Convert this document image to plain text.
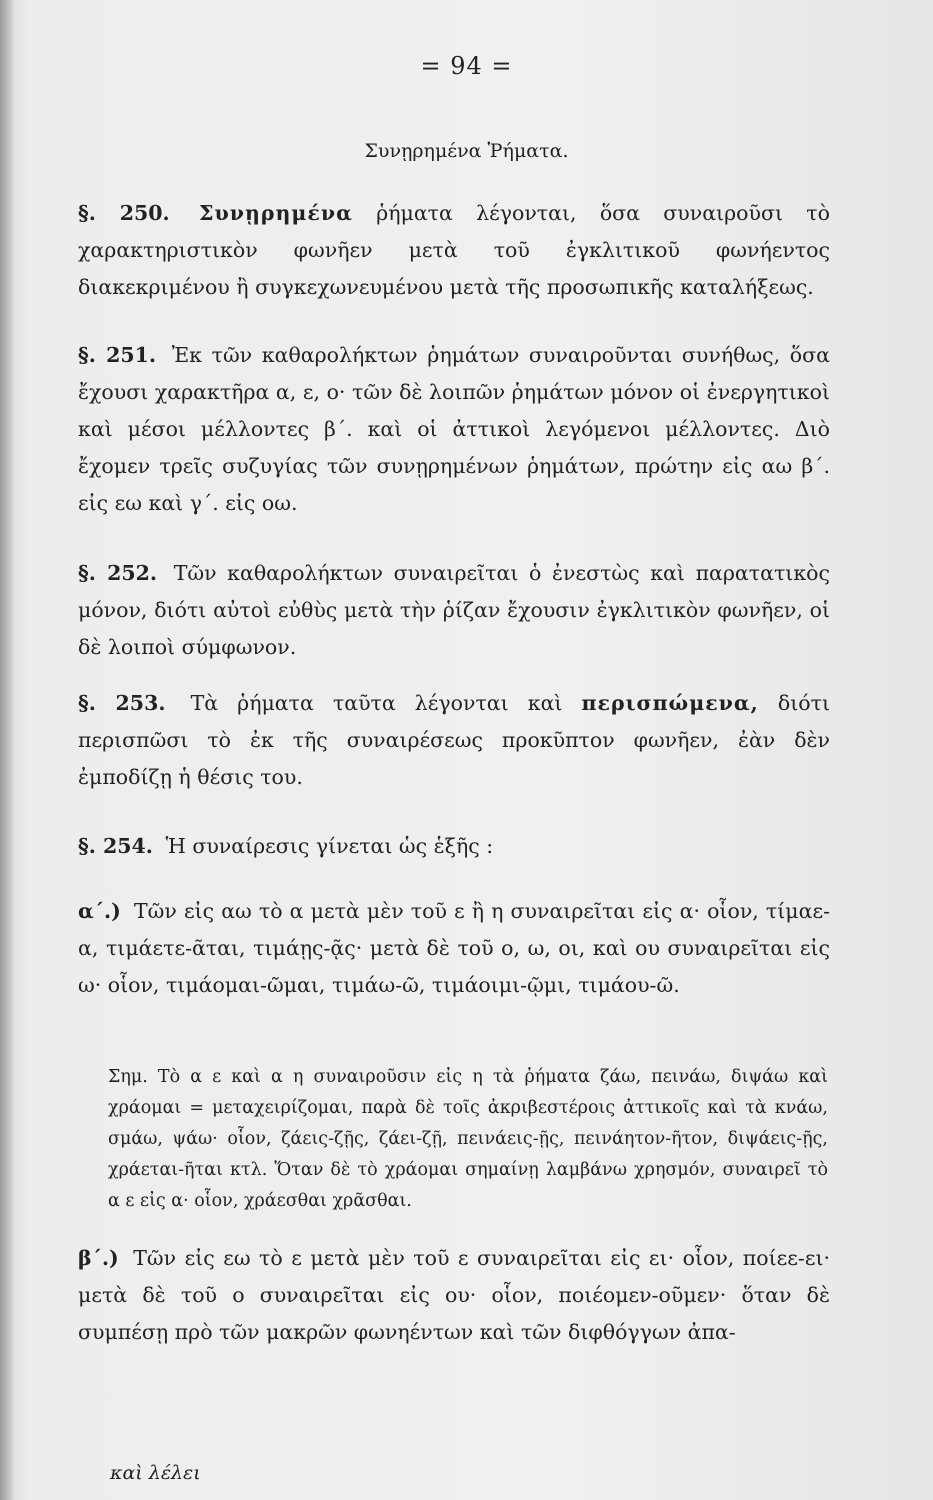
= 94 =
Συνῃρημένα Ῥήματα.
§. 250. Συνῃρημένα ῥήματα λέγονται, ὅσα συναιροῦσι τὸ χαρακτηριστικὸν φωνῆεν μετὰ τοῦ ἐγκλιτικοῦ φωνήεντος διακεκριμένου ἢ συγκεχωνευμένου μετὰ τῆς προσωπικῆς καταλήξεως.
§. 251. Ἐκ τῶν καθαρολήκτων ῥημάτων συναιροῦνται συνήθως, ὅσα ἔχουσι χαρακτῆρα α, ε, ο· τῶν δὲ λοιπῶν ῥημάτων μόνον οἱ ἐνεργητικοὶ καὶ μέσοι μέλλοντες β΄. καὶ οἱ ἀττικοὶ λεγόμενοι μέλλοντες. Διὸ ἔχομεν τρεῖς συζυγίας τῶν συνῃρημένων ῥημάτων, πρώτην εἰς αω β΄. εἰς εω καὶ γ΄. εἰς οω.
§. 252. Τῶν καθαρολήκτων συναιρεῖται ὁ ἐνεστὼς καὶ παρατατικὸς μόνον, διότι αὐτοὶ εὐθὺς μετὰ τὴν ῥίζαν ἔχουσιν ἐγκλιτικὸν φωνῆεν, οἱ δὲ λοιποὶ σύμφωνον.
§. 253. Τὰ ῥήματα ταῦτα λέγονται καὶ περισπώμενα, διότι περισπῶσι τὸ ἐκ τῆς συναιρέσεως προκῦπτον φωνῆεν, ἐὰν δὲν ἐμποδίζῃ ἡ θέσις του.
§. 254. Ἡ συναίρεσις γίνεται ὡς ἑξῆς :
α΄.) Τῶν εἰς αω τὸ α μετὰ μὲν τοῦ ε ἢ η συναιρεῖται εἰς α· οἷον, τίμαε-α, τιμάετε-ᾶται, τιμάῃς-ᾷς· μετὰ δὲ τοῦ ο, ω, οι, καὶ ου συναιρεῖται εἰς ω· οἷον, τιμάομαι-ῶμαι, τιμάω-ῶ, τιμάοιμι-ῷμι, τιμάου-ῶ.
Σημ. Τὸ α ε καὶ α η συναιροῦσιν εἰς η τὰ ῥήματα ζάω, πεινάω, διψάω καὶ χράομαι = μεταχειρίζομαι, παρὰ δὲ τοῖς ἀκριβεστέροις ἀττικοῖς καὶ τὰ κνάω, σμάω, ψάω· οἷον, ζάεις-ζῇς, ζάει-ζῇ, πεινάεις-ῇς, πεινάητον-ῆτον, διψάεις-ῇς, χράεται-ῆται κτλ. Ὅταν δὲ τὸ χράομαι σημαίνῃ λαμβάνω χρησμόν, συναιρεῖ τὸ α ε εἰς α· οἷον, χράεσθαι χρᾶσθαι.
β΄.) Τῶν εἰς εω τὸ ε μετὰ μὲν τοῦ ε συναιρεῖται εἰς ει· οἷον, ποίεε-ει· μετὰ δὲ τοῦ ο συναιρεῖται εἰς ου· οἷον, ποιέομεν-οῦμεν· ὅταν δὲ συμπέσῃ πρὸ τῶν μακρῶν φωνηέντων καὶ τῶν διφθόγγων ἀπα-
καὶ λέλει
